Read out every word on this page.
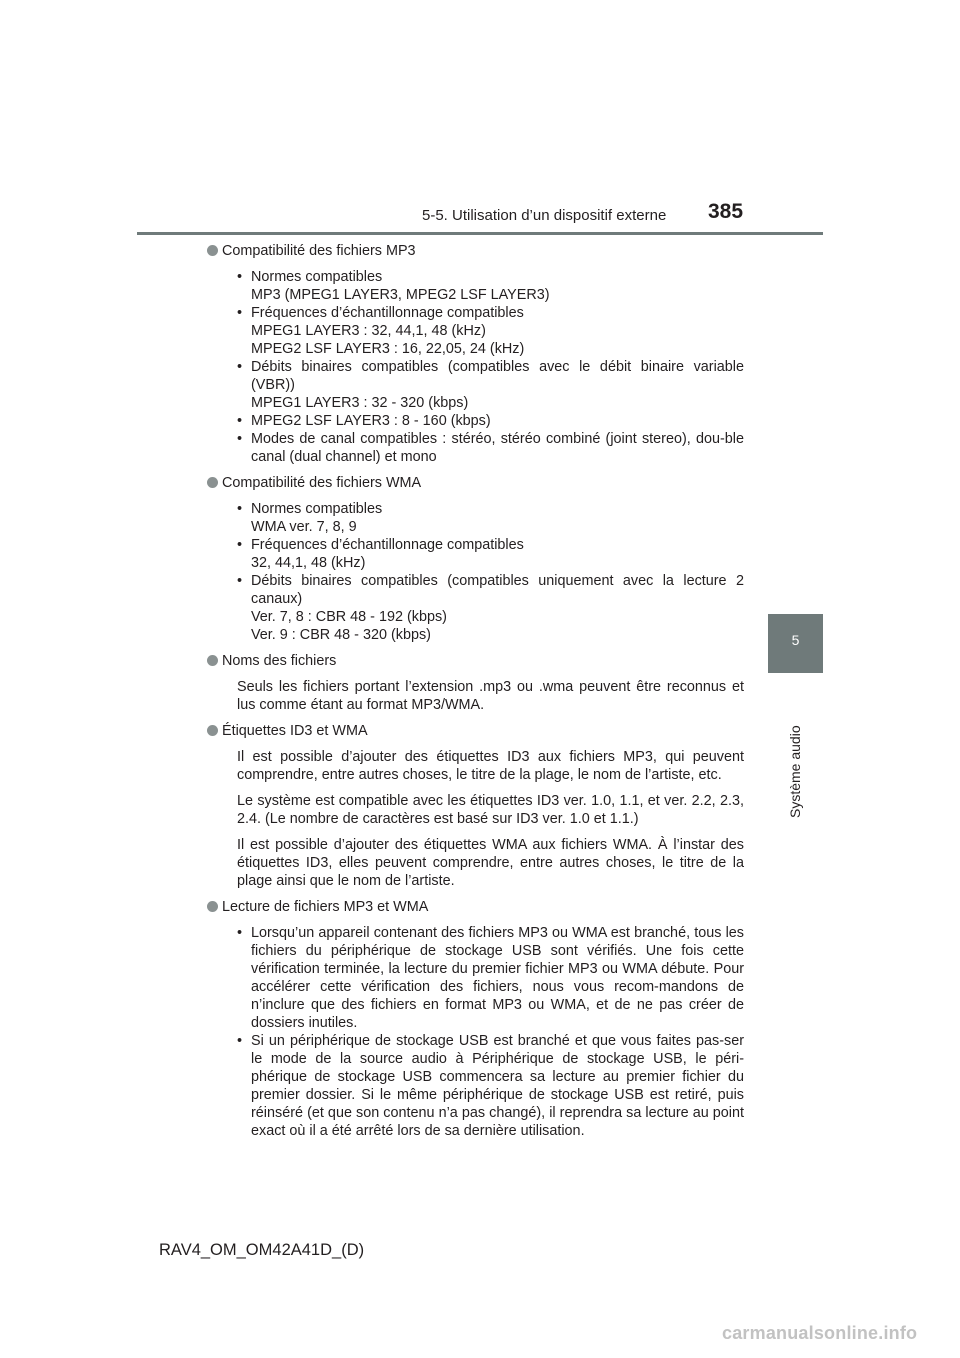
5-5. Utilisation d’un dispositif externe 385
5
Système audio
Compatibilité des fichiers MP3
• Normes compatibles
MP3 (MPEG1 LAYER3, MPEG2 LSF LAYER3)
• Fréquences d’échantillonnage compatibles
MPEG1 LAYER3 : 32, 44,1, 48 (kHz)
MPEG2 LSF LAYER3 : 16, 22,05, 24 (kHz)
• Débits binaires compatibles (compatibles avec le débit binaire variable (VBR))
MPEG1 LAYER3 : 32 - 320 (kbps)
• MPEG2 LSF LAYER3 : 8 - 160 (kbps)
• Modes de canal compatibles : stéréo, stéréo combiné (joint stereo), dou-ble canal (dual channel) et mono
Compatibilité des fichiers WMA
• Normes compatibles
WMA ver. 7, 8, 9
• Fréquences d’échantillonnage compatibles
32, 44,1, 48 (kHz)
• Débits binaires compatibles (compatibles uniquement avec la lecture 2 canaux)
Ver. 7, 8 : CBR 48 - 192 (kbps)
Ver. 9 : CBR 48 - 320 (kbps)
Noms des fichiers
Seuls les fichiers portant l’extension .mp3 ou .wma peuvent être reconnus et lus comme étant au format MP3/WMA.
Étiquettes ID3 et WMA
Il est possible d’ajouter des étiquettes ID3 aux fichiers MP3, qui peuvent comprendre, entre autres choses, le titre de la plage, le nom de l’artiste, etc.
Le système est compatible avec les étiquettes ID3 ver. 1.0, 1.1, et ver. 2.2, 2.3, 2.4. (Le nombre de caractères est basé sur ID3 ver. 1.0 et 1.1.)
Il est possible d’ajouter des étiquettes WMA aux fichiers WMA. À l’instar des étiquettes ID3, elles peuvent comprendre, entre autres choses, le titre de la plage ainsi que le nom de l’artiste.
Lecture de fichiers MP3 et WMA
• Lorsqu’un appareil contenant des fichiers MP3 ou WMA est branché, tous les fichiers du périphérique de stockage USB sont vérifiés. Une fois cette vérification terminée, la lecture du premier fichier MP3 ou WMA débute. Pour accélérer cette vérification des fichiers, nous vous recom-mandons de n’inclure que des fichiers en format MP3 ou WMA, et de ne pas créer de dossiers inutiles.
• Si un périphérique de stockage USB est branché et que vous faites pas-ser le mode de la source audio à Périphérique de stockage USB, le péri-phérique de stockage USB commencera sa lecture au premier fichier du premier dossier. Si le même périphérique de stockage USB est retiré, puis réinséré (et que son contenu n’a pas changé), il reprendra sa lecture au point exact où il a été arrêté lors de sa dernière utilisation.
RAV4_OM_OM42A41D_(D)
carmanualsonline.info
